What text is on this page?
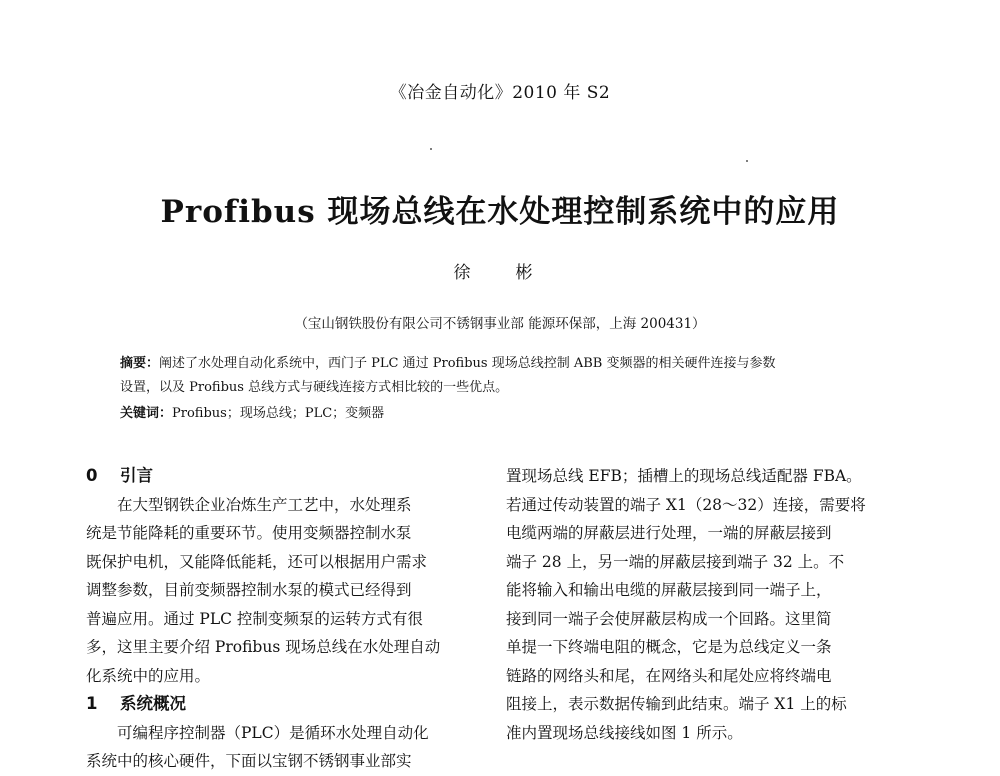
《冶金自动化》2010 年 S2
Profibus 现场总线在水处理控制系统中的应用
徐　彬
（宝山钢铁股份有限公司不锈钢事业部 能源环保部，上海 200431）
摘要：阐述了水处理自动化系统中，西门子 PLC 通过 Profibus 现场总线控制 ABB 变频器的相关硬件连接与参数
设置，以及 Profibus 总线方式与硬线连接方式相比较的一些优点。
关键词：Profibus；现场总线；PLC；变频器
0 引言
在大型钢铁企业冶炼生产工艺中，水处理系
统是节能降耗的重要环节。使用变频器控制水泵
既保护电机，又能降低能耗，还可以根据用户需求
调整参数，目前变频器控制水泵的模式已经得到
普遍应用。通过 PLC 控制变频泵的运转方式有很
多，这里主要介绍 Profibus 现场总线在水处理自动
化系统中的应用。
1 系统概况
可编程序控制器（PLC）是循环水处理自动化
系统中的核心硬件，下面以宝钢不锈钢事业部实
置现场总线 EFB；插槽上的现场总线适配器 FBA。
若通过传动装置的端子 X1（28～32）连接，需要将
电缆两端的屏蔽层进行处理，一端的屏蔽层接到
端子 28 上，另一端的屏蔽层接到端子 32 上。不
能将输入和输出电缆的屏蔽层接到同一端子上，
接到同一端子会使屏蔽层构成一个回路。这里简
单提一下终端电阻的概念，它是为总线定义一条
链路的网络头和尾，在网络头和尾处应将终端电
阻接上，表示数据传输到此结束。端子 X1 上的标
准内置现场总线接线如图 1 所示。
